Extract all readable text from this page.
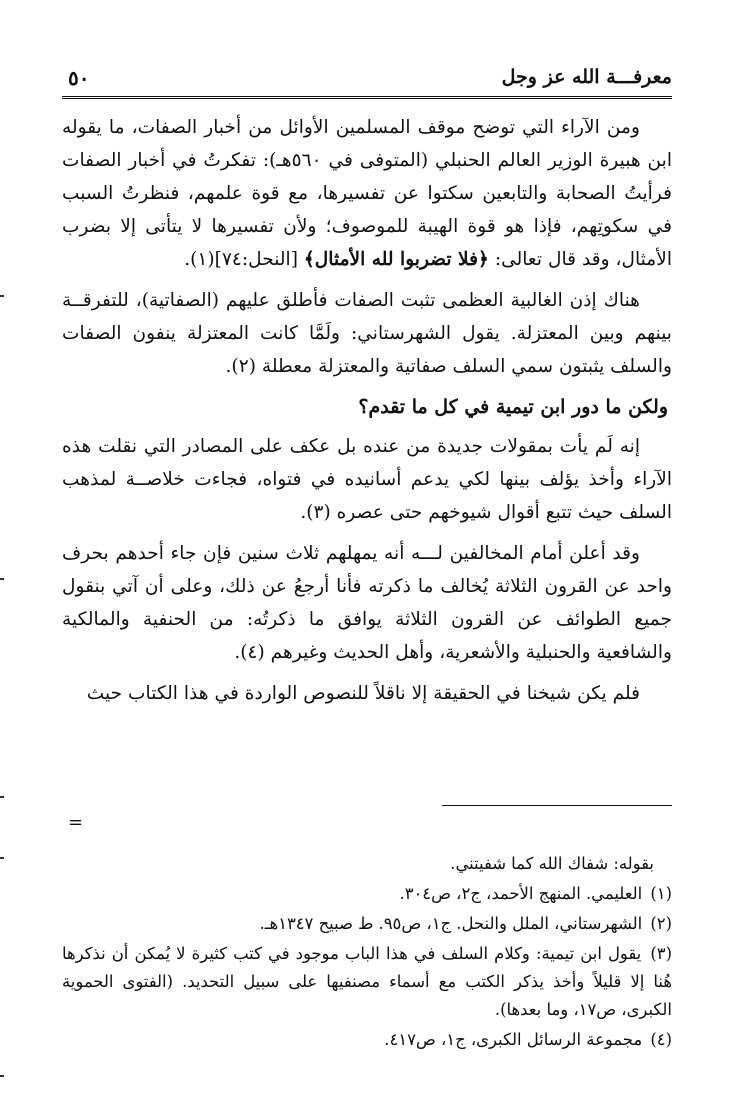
معرفـــة الله عز وجل
٥٠

ومن الآراء التي توضح موقف المسلمين الأوائل من أخبار الصفات، ما يقوله ابن هبيرة الوزير العالم الحنبلي (المتوفى في ٥٦٠هـ): تفكرتُ في أخبار الصفات فرأيتُ الصحابة والتابعين سكتوا عن تفسيرها، مع قوة علمهم، فنظرتُ السبب في سكوتِهم، فإذا هو قوة الهيبة للموصوف؛ ولأن تفسيرها لا يتأتى إلا بضرب الأمثال، وقد قال تعالى: ﴿فلا تضربوا لله الأمثال﴾ [النحل:٧٤](١).

هناك إذن الغالبية العظمى تثبت الصفات فأطلق عليهم (الصفاتية)، للتفرقــة بينهم وبين المعتزلة. يقول الشهرستاني: ولَمَّا كانت المعتزلة ينفون الصفات والسلف يثبتون سمي السلف صفاتية والمعتزلة معطلة (٢).

ولكن ما دور ابن تيمية في كل ما تقدم؟

إنه لَم يأت بمقولات جديدة من عنده بل عكف على المصادر التي نقلت هذه الآراء وأخذ يؤلف بينها لكي يدعم أسانيده في فتواه، فجاءت خلاصــة لمذهب السلف حيث تتبع أقوال شيوخهم حتى عصره (٣).

وقد أعلن أمام المخالفين لـــه أنه يمهلهم ثلاث سنين فإن جاء أحدهم بحرف واحد عن القرون الثلاثة يُخالف ما ذكرته فأنا أرجعُ عن ذلك، وعلى أن آتي بنقول جميع الطوائف عن القرون الثلاثة يوافق ما ذكرتُه: من الحنفية والمالكية والشافعية والحنبلية والأشعرية، وأهل الحديث وغيرهم (٤).

فلم يكن شيخنا في الحقيقة إلا ناقلاً للنصوص الواردة في هذا الكتاب حيث

=

بقوله: شفاك الله كما شفيتني.

(١) العليمي. المنهج الأحمد، ج٢، ص٣٠٤.

(٢) الشهرستاني، الملل والنحل. ج١، ص٩٥. ط صبيح ١٣٤٧هـ.

(٣) يقول ابن تيمية: وكلام السلف في هذا الباب موجود في كتب كثيرة لا يُمكن أن نذكرها هُنا إلا قليلاً وأخذ يذكر الكتب مع أسماء مصنفيها على سبيل التحديد. (الفتوى الحموية الكبرى، ص١٧، وما بعدها).

(٤) مجموعة الرسائل الكبرى، ج١، ص٤١٧.
